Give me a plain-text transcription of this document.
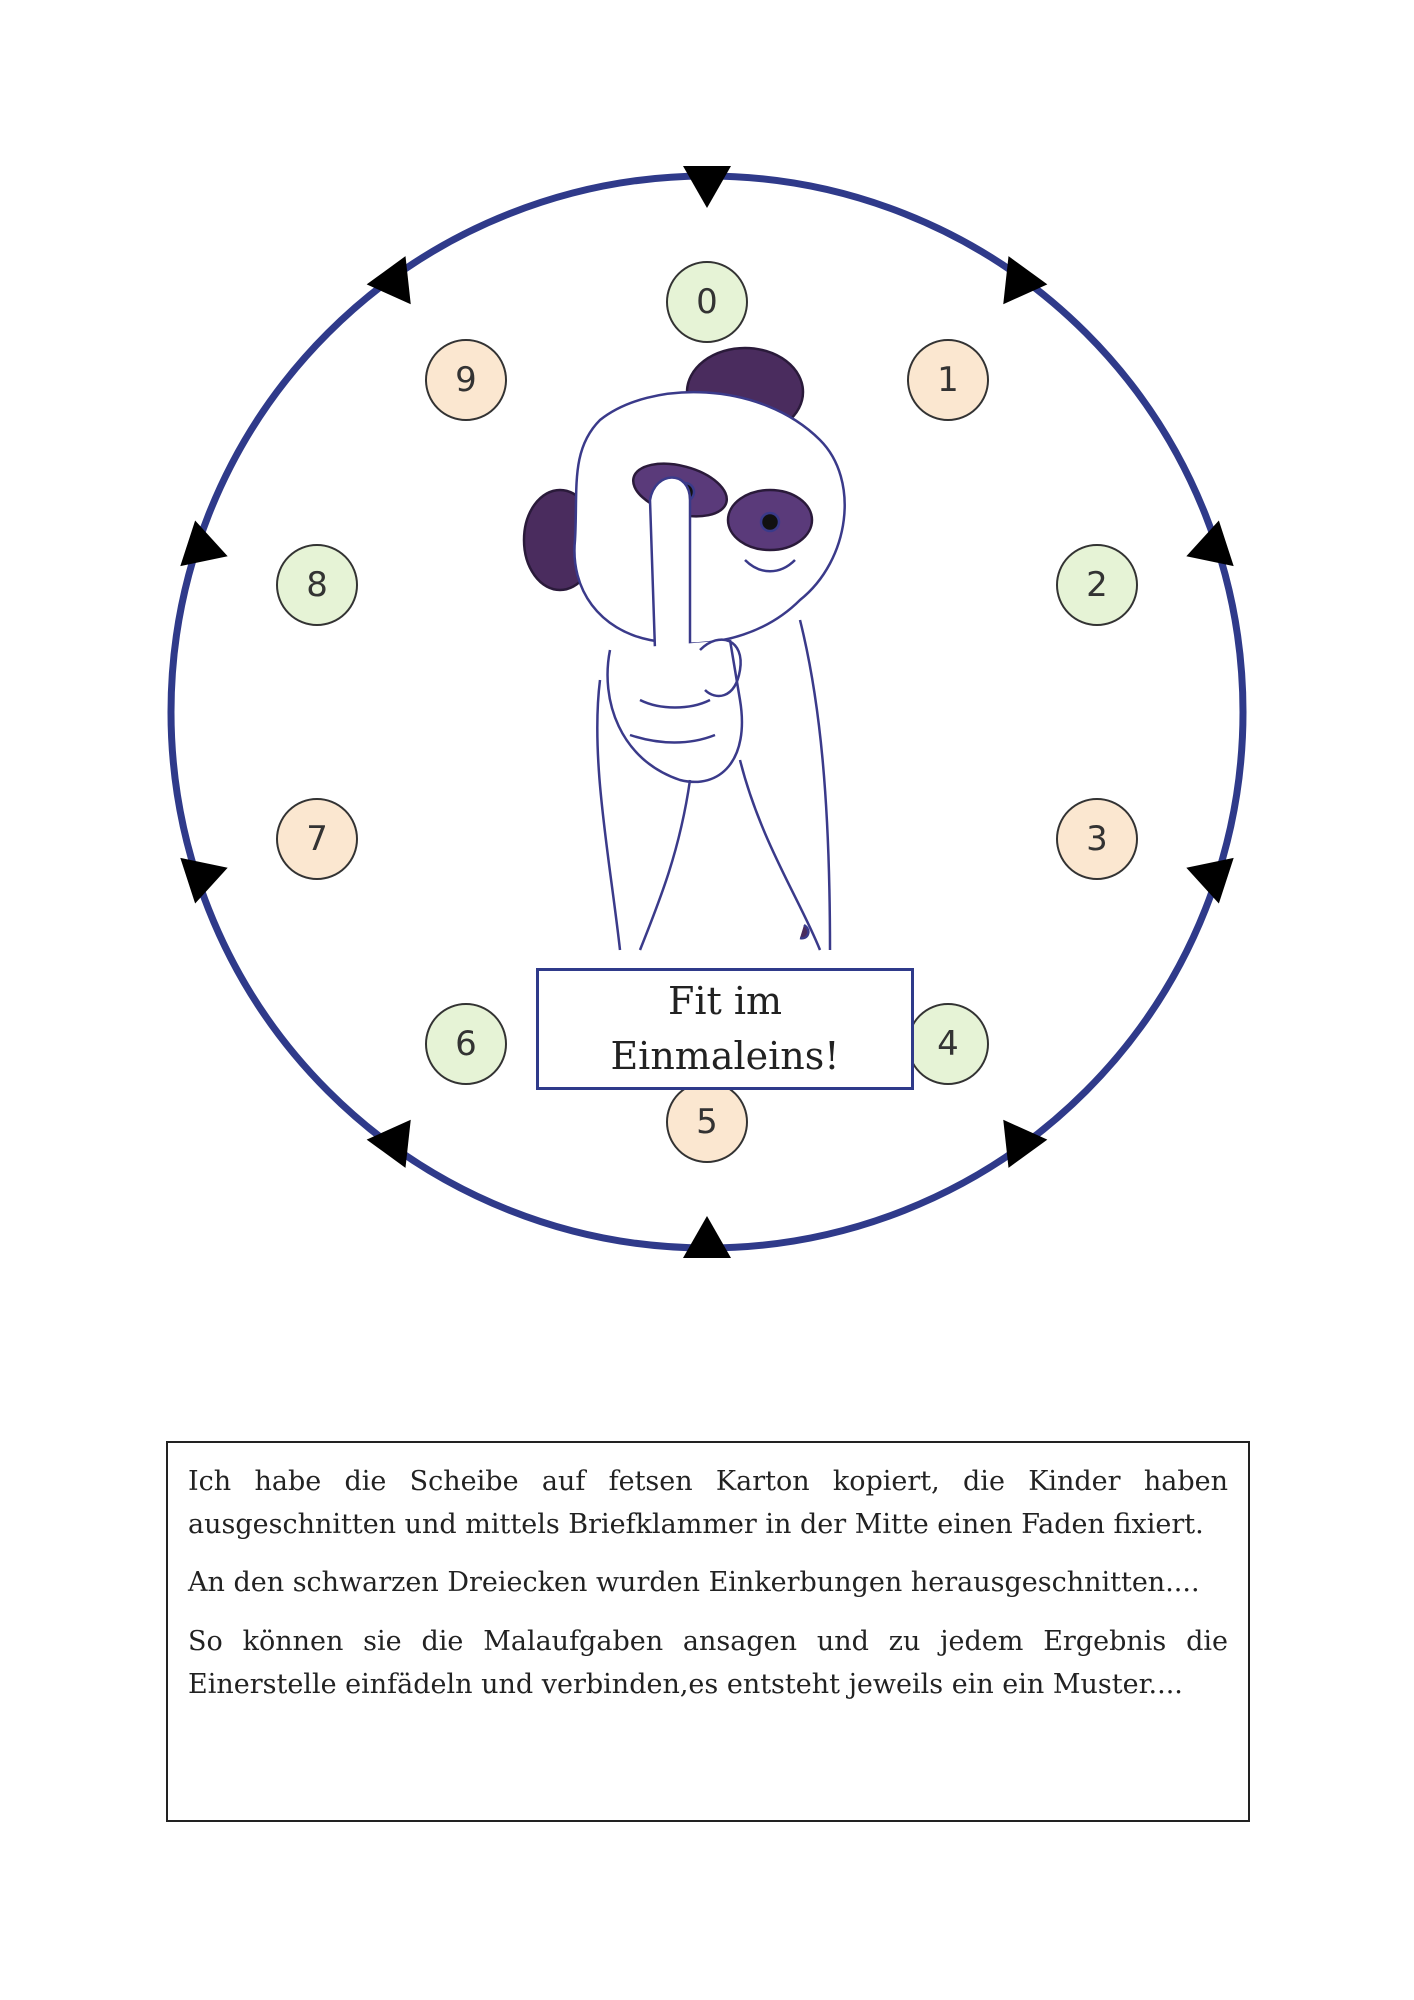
0
1
2
3
4
5
6
7
8
9
Fit im
Einmaleins!

Ich habe die Scheibe auf fetsen Karton kopiert, die Kinder haben ausgeschnitten und mittels Briefklammer in der Mitte einen Faden fixiert.

An den schwarzen Dreiecken wurden Einkerbungen herausgeschnitten....

So können sie die Malaufgaben ansagen und zu jedem Ergebnis die Einerstelle einfädeln und verbinden,es entsteht jeweils ein ein Muster....
